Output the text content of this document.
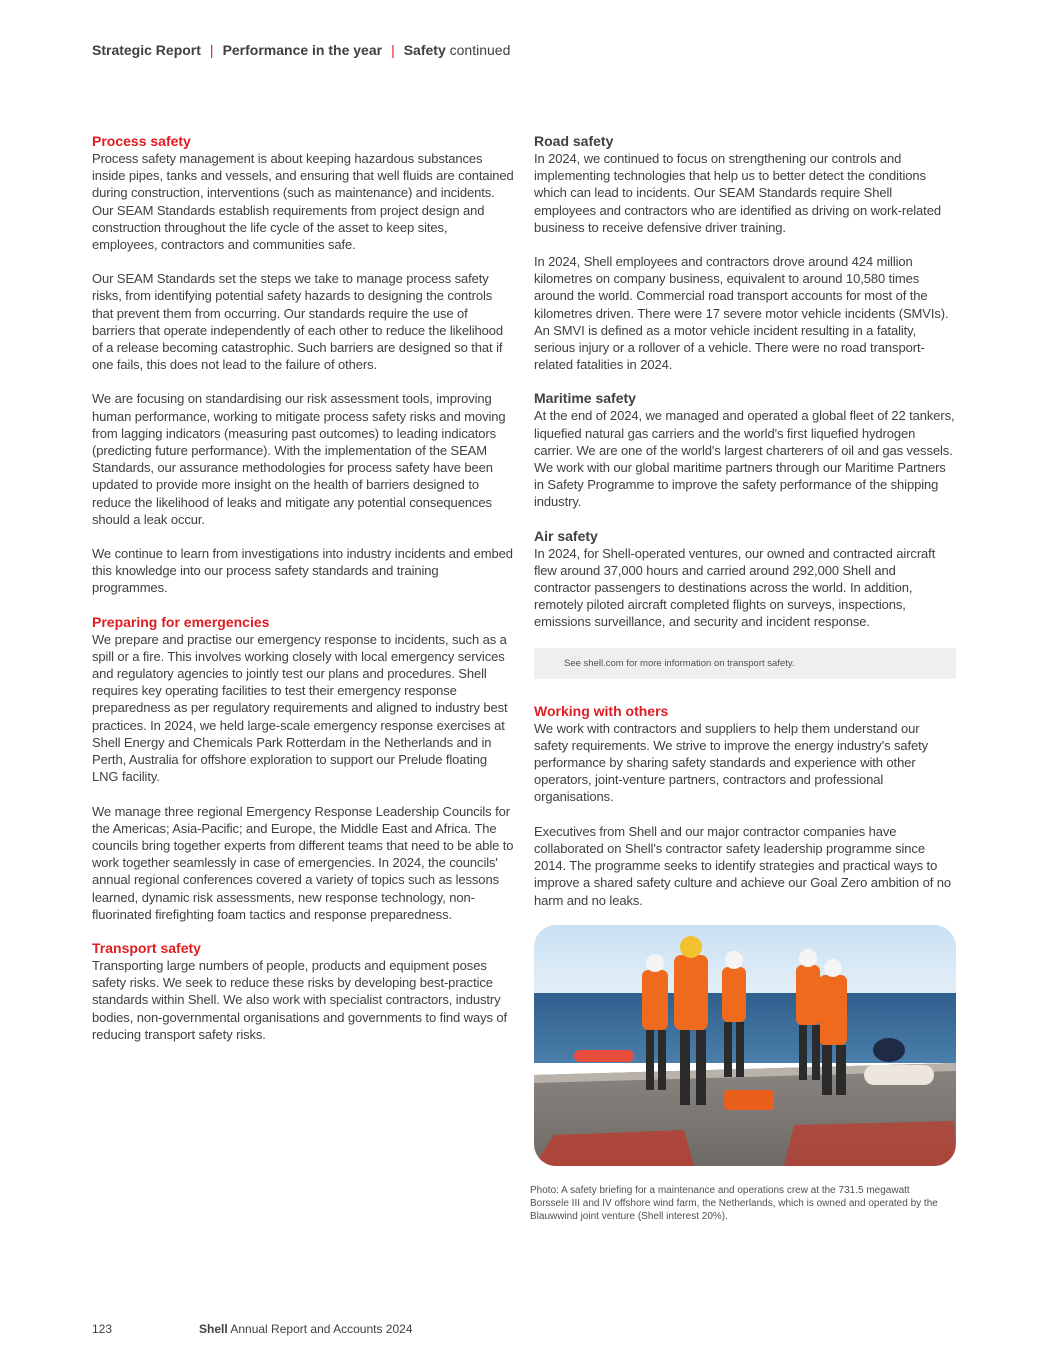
Strategic Report | Performance in the year | Safety continued
Process safety

Process safety management is about keeping hazardous substances inside pipes, tanks and vessels, and ensuring that well fluids are contained during construction, interventions (such as maintenance) and incidents. Our SEAM Standards establish requirements from project design and construction throughout the life cycle of the asset to keep sites, employees, contractors and communities safe.

Our SEAM Standards set the steps we take to manage process safety risks, from identifying potential safety hazards to designing the controls that prevent them from occurring. Our standards require the use of barriers that operate independently of each other to reduce the likelihood of a release becoming catastrophic. Such barriers are designed so that if one fails, this does not lead to the failure of others.

We are focusing on standardising our risk assessment tools, improving human performance, working to mitigate process safety risks and moving from lagging indicators (measuring past outcomes) to leading indicators (predicting future performance). With the implementation of the SEAM Standards, our assurance methodologies for process safety have been updated to provide more insight on the health of barriers designed to reduce the likelihood of leaks and mitigate any potential consequences should a leak occur.

We continue to learn from investigations into industry incidents and embed this knowledge into our process safety standards and training programmes.

Preparing for emergencies

We prepare and practise our emergency response to incidents, such as a spill or a fire. This involves working closely with local emergency services and regulatory agencies to jointly test our plans and procedures. Shell requires key operating facilities to test their emergency response preparedness as per regulatory requirements and aligned to industry best practices. In 2024, we held large-scale emergency response exercises at Shell Energy and Chemicals Park Rotterdam in the Netherlands and in Perth, Australia for offshore exploration to support our Prelude floating LNG facility.

We manage three regional Emergency Response Leadership Councils for the Americas; Asia-Pacific; and Europe, the Middle East and Africa. The councils bring together experts from different teams that need to be able to work together seamlessly in case of emergencies. In 2024, the councils' annual regional conferences covered a variety of topics such as lessons learned, dynamic risk assessments, new response technology, non-fluorinated firefighting foam tactics and response preparedness.

Transport safety

Transporting large numbers of people, products and equipment poses safety risks. We seek to reduce these risks by developing best-practice standards within Shell. We also work with specialist contractors, industry bodies, non-governmental organisations and governments to find ways of reducing transport safety risks.

Road safety

In 2024, we continued to focus on strengthening our controls and implementing technologies that help us to better detect the conditions which can lead to incidents. Our SEAM Standards require Shell employees and contractors who are identified as driving on work-related business to receive defensive driver training.

In 2024, Shell employees and contractors drove around 424 million kilometres on company business, equivalent to around 10,580 times around the world. Commercial road transport accounts for most of the kilometres driven. There were 17 severe motor vehicle incidents (SMVIs). An SMVI is defined as a motor vehicle incident resulting in a fatality, serious injury or a rollover of a vehicle. There were no road transport-related fatalities in 2024.

Maritime safety

At the end of 2024, we managed and operated a global fleet of 22 tankers, liquefied natural gas carriers and the world's first liquefied hydrogen carrier. We are one of the world's largest charterers of oil and gas vessels. We work with our global maritime partners through our Maritime Partners in Safety Programme to improve the safety performance of the shipping industry.

Air safety

In 2024, for Shell-operated ventures, our owned and contracted aircraft flew around 37,000 hours and carried around 292,000 Shell and contractor passengers to destinations across the world. In addition, remotely piloted aircraft completed flights on surveys, inspections, emissions surveillance, and security and incident response.

See shell.com for more information on transport safety.
Working with others

We work with contractors and suppliers to help them understand our safety requirements. We strive to improve the energy industry's safety performance by sharing safety standards and experience with other operators, joint-venture partners, contractors and professional organisations.

Executives from Shell and our major contractor companies have collaborated on Shell's contractor safety leadership programme since 2014. The programme seeks to identify strategies and practical ways to improve a shared safety culture and achieve our Goal Zero ambition of no harm and no leaks.

Photo: A safety briefing for a maintenance and operations crew at the 731.5 megawatt Borssele III and IV offshore wind farm, the Netherlands, which is owned and operated by the Blauwwind joint venture (Shell interest 20%).
123	Shell Annual Report and Accounts 2024
